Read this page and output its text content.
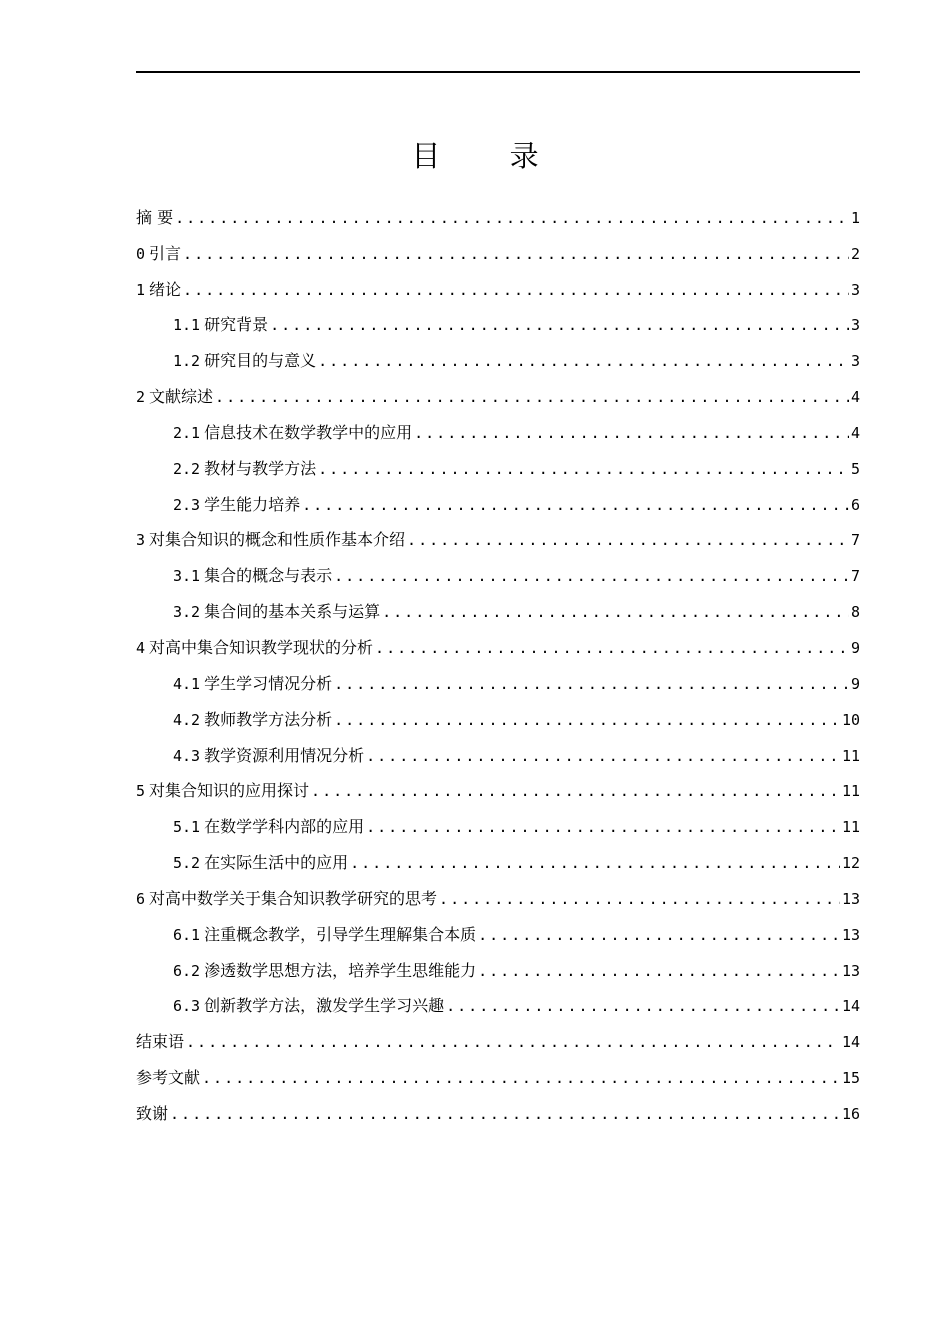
目 录
摘 要 .....	1
0 引言 .....	2
1 绪论 .....	3
1.1 研究背景 .....	3
1.2 研究目的与意义 .....	3
2 文献综述 .....	4
2.1 信息技术在数学教学中的应用 .....	4
2.2 教材与教学方法 .....	5
2.3 学生能力培养 .....	6
3 对集合知识的概念和性质作基本介绍 .....	7
3.1 集合的概念与表示 .....	7
3.2 集合间的基本关系与运算 .....	8
4 对高中集合知识教学现状的分析 .....	9
4.1 学生学习情况分析 .....	9
4.2 教师教学方法分析 .....	10
4.3 教学资源利用情况分析 .....	11
5 对集合知识的应用探讨 .....	11
5.1 在数学学科内部的应用 .....	11
5.2 在实际生活中的应用 .....	12
6 对高中数学关于集合知识教学研究的思考 .....	13
6.1 注重概念教学，引导学生理解集合本质 .....	13
6.2 渗透数学思想方法，培养学生思维能力 .....	13
6.3 创新教学方法，激发学生学习兴趣 .....	14
结束语 .....	14
参考文献 .....	15
致谢 .....	16
